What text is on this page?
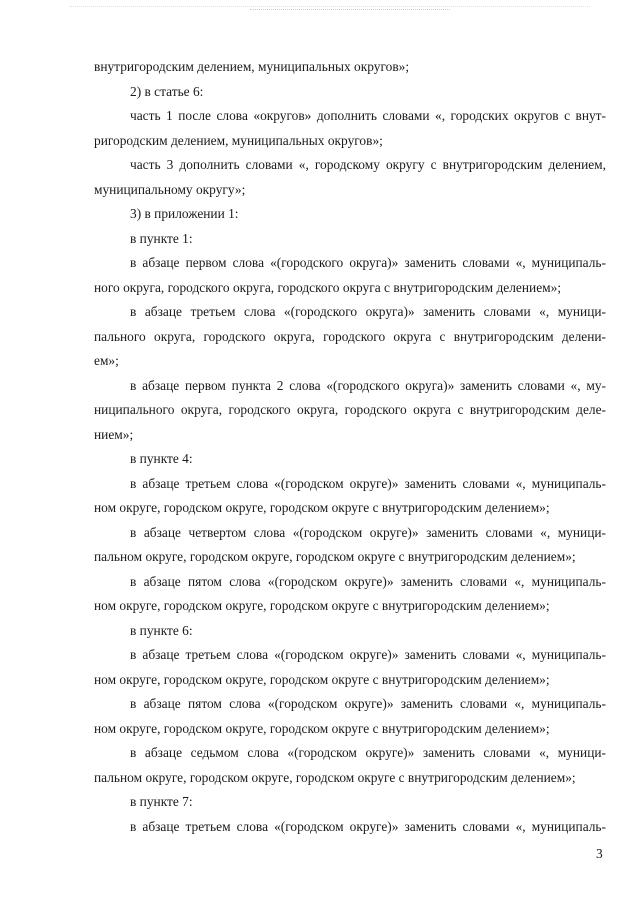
внутригородским делением, муниципальных округов»;
2) в статье 6:
часть 1 после слова «округов» дополнить словами «, городских округов с внут-
ригородским делением, муниципальных округов»;
часть 3 дополнить словами «, городскому округу с внутригородским делением,
муниципальному округу»;
3) в приложении 1:
в пункте 1:
в абзаце первом слова «(городского округа)» заменить словами «, муниципаль-
ного округа, городского округа, городского округа с внутригородским делением»;
в абзаце третьем слова «(городского округа)» заменить словами «, муници-
пального округа, городского округа, городского округа с внутригородским делени-
ем»;
в абзаце первом пункта 2 слова «(городского округа)» заменить словами «, му-
ниципального округа, городского округа, городского округа с внутригородским деле-
нием»;
в пункте 4:
в абзаце третьем слова «(городском округе)» заменить словами «, муниципаль-
ном округе, городском округе, городском округе с внутригородским делением»;
в абзаце четвертом слова «(городском округе)» заменить словами «, муници-
пальном округе, городском округе, городском округе с внутригородским делением»;
в абзаце пятом слова «(городском округе)» заменить словами «, муниципаль-
ном округе, городском округе, городском округе с внутригородским делением»;
в пункте 6:
в абзаце третьем слова «(городском округе)» заменить словами «, муниципаль-
ном округе, городском округе, городском округе с внутригородским делением»;
в абзаце пятом слова «(городском округе)» заменить словами «, муниципаль-
ном округе, городском округе, городском округе с внутригородским делением»;
в абзаце седьмом слова «(городском округе)» заменить словами «, муници-
пальном округе, городском округе, городском округе с внутригородским делением»;
в пункте 7:
в абзаце третьем слова «(городском округе)» заменить словами «, муниципаль-
3
